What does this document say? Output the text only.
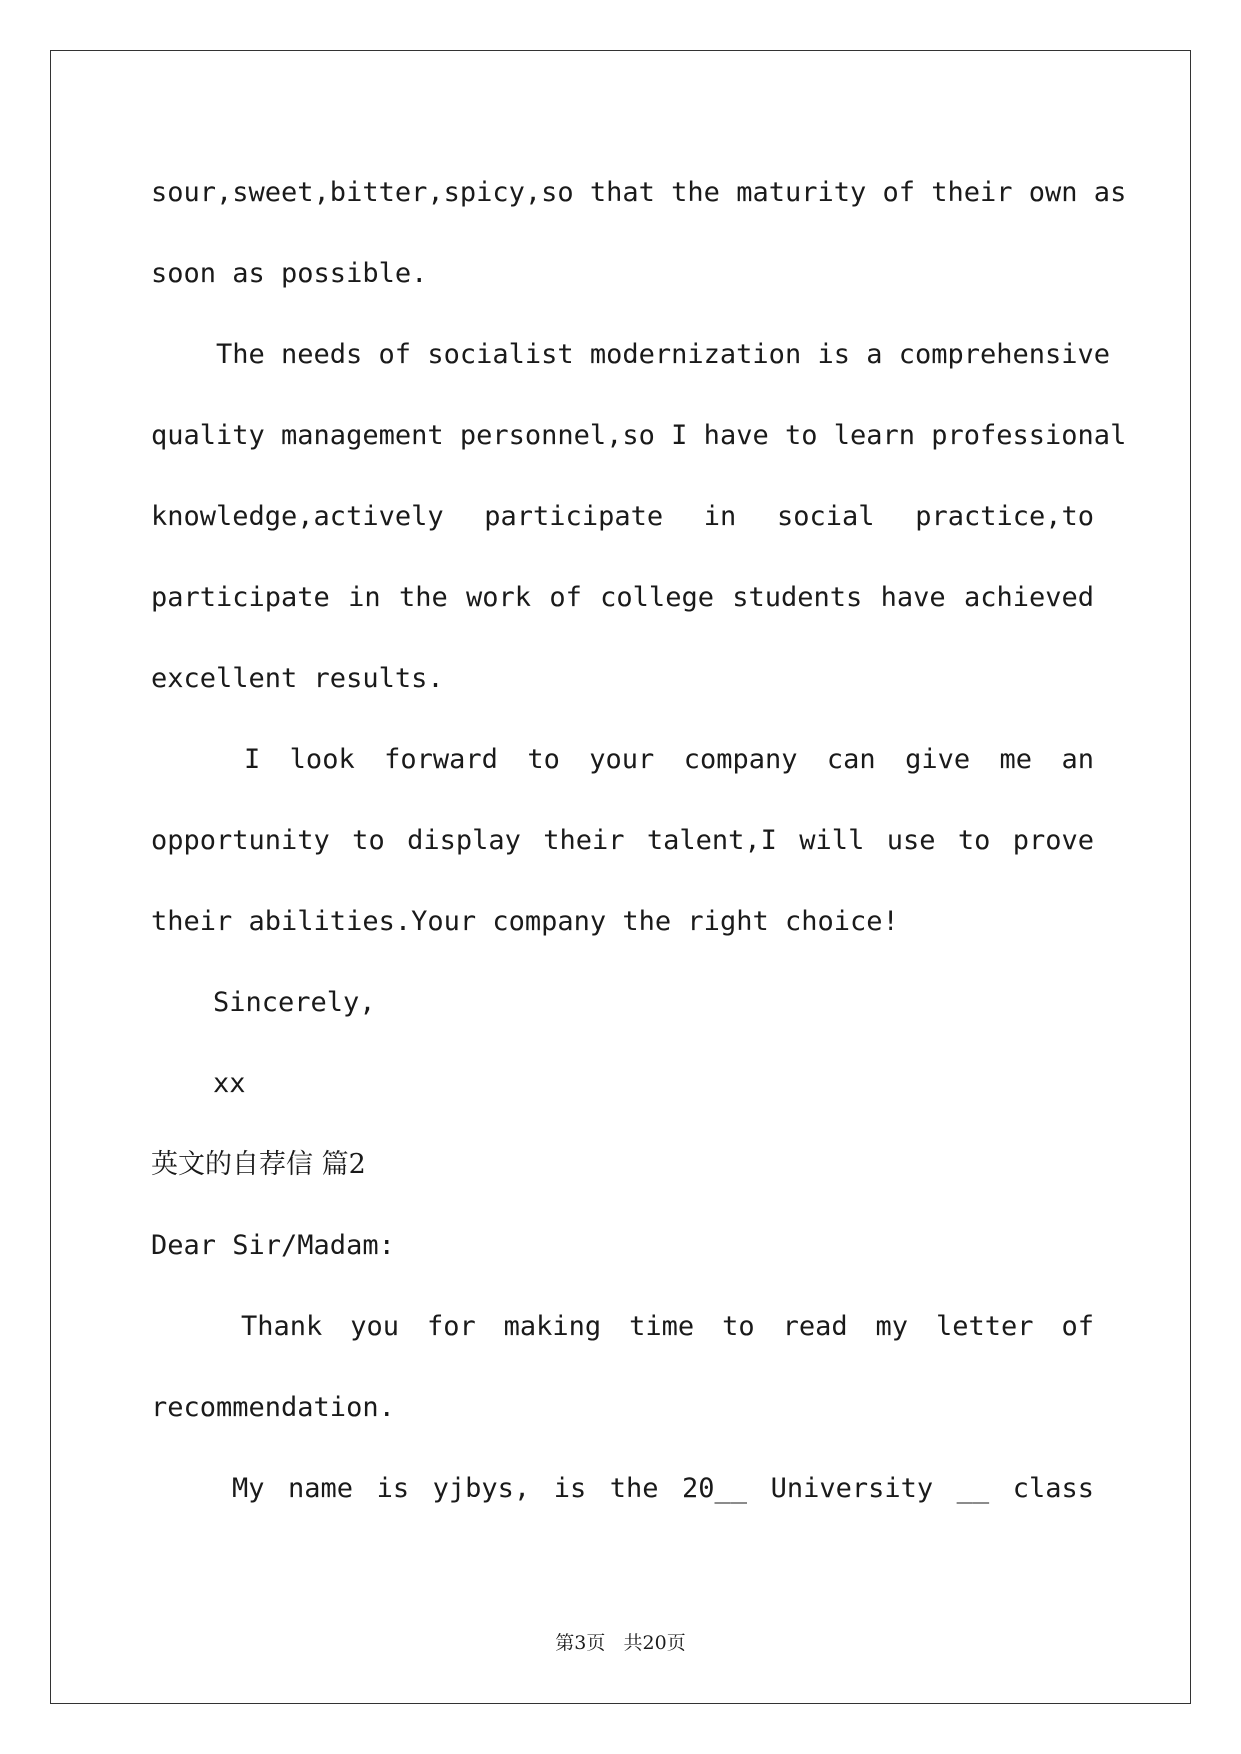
sour,sweet,bitter,spicy,so that the maturity of their own as
soon as possible.
The needs of socialist modernization is a comprehensive
quality management personnel,so I have to learn professional
knowledge,actively participate in social practice,to
participate in the work of college students have achieved
excellent results.
I look forward to your company can give me an
opportunity to display their talent,I will use to prove
their abilities.Your company the right choice!
Sincerely,
xx
英文的自荐信 篇2
Dear Sir/Madam:
Thank you for making time to read my letter of
recommendation.
My name is yjbys, is the 20__ University __ class
第3页 共20页
